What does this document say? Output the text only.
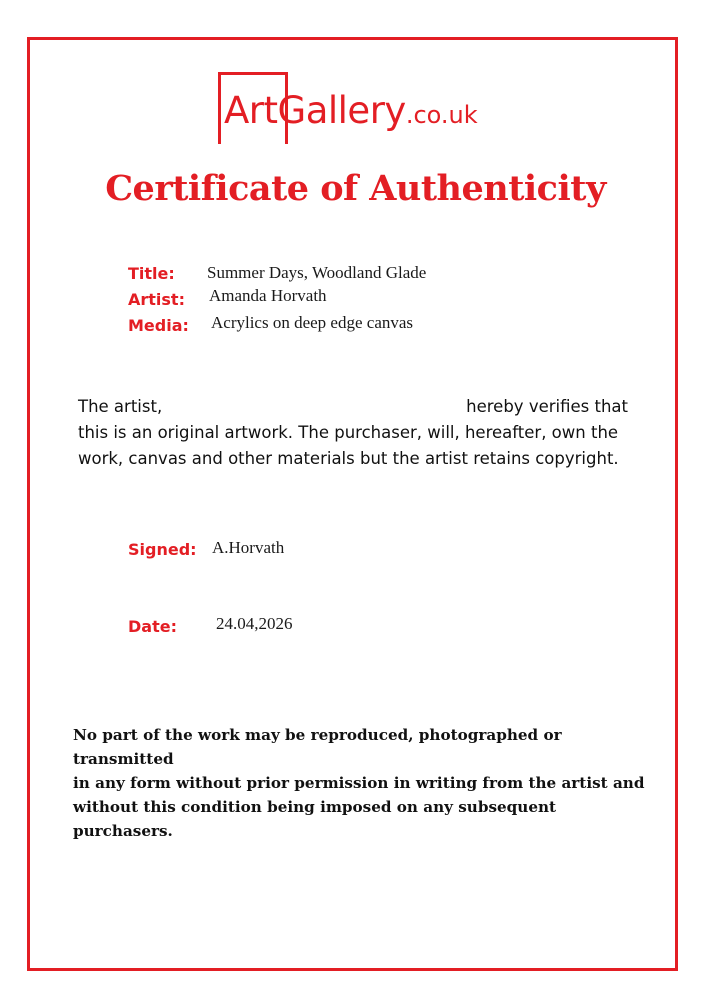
ArtGallery.co.uk
Certificate of Authenticity
Title: Summer Days, Woodland Glade
Artist: Amanda Horvath
Media: Acrylics on deep edge canvas
The artist,	hereby verifies that
this is an original artwork. The purchaser, will, hereafter, own the
work, canvas and other materials but the artist retains copyright.
Signed: A.Horvath
Date: 24.04,2026
No part of the work may be reproduced, photographed or transmitted
in any form without prior permission in writing from the artist and
without this condition being imposed on any subsequent purchasers.
